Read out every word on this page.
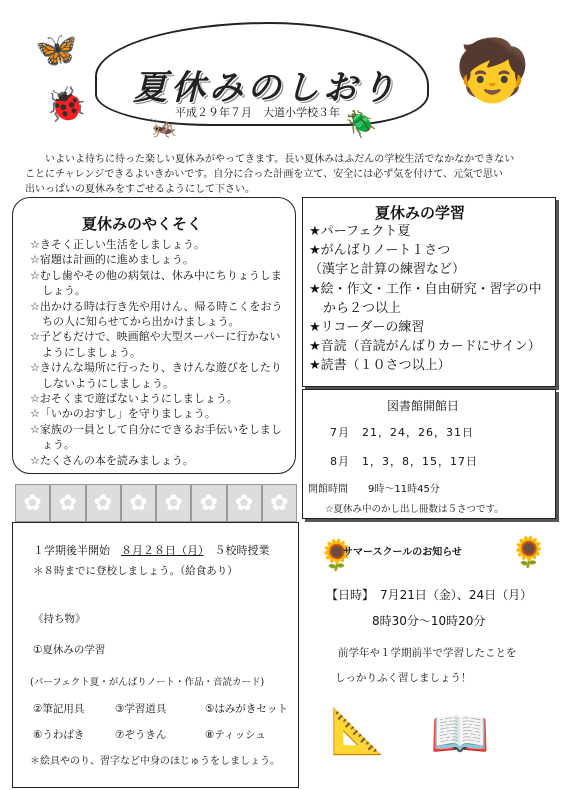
夏休みのしおり
平成２９年７月　大道小学校３年
🦋
🐞
🦗	🪲
🧒

いよいよ待ちに待った楽しい夏休みがやってきます。長い夏休みはふだんの学校生活でなかなかできない

ことにチャレンジできるよいきかいです。自分に合った計画を立て、安全には必ず気を付けて、元気で思い
出いっぱいの夏休みをすごせるようにして下さい。
夏休みのやくそく
☆きそく正しい生活をしましょう。
☆宿題は計画的に進めましょう。
☆むし歯やその他の病気は、休み中にちりょうしましょう。
☆出かける時は行き先や用けん、帰る時こくをおうちの人に知らせてから出かけましょう。
☆子どもだけで、映画館や大型スーパーに行かないようにしましょう。
☆きけんな場所に行ったり、きけんな遊びをしたりしないようにしましょう。
☆おそくまで遊ばないようにしましょう。
☆「いかのおすし」を守りましょう。
☆家族の一員として自分にできるお手伝いをしましょう。
☆たくさんの本を読みましょう。
夏休みの学習
★パーフェクト夏
★がんばりノート１さつ
（漢字と計算の練習など）
★絵・作文・工作・自由研究・習字の中から２つ以上
★リコーダーの練習
★音読（音読がんばりカードにサイン）
★読書（１０さつ以上）
図書館開館日
7月　21，24，26，31日
8月　1，3，8，15，17日
開館時間　　9時～11時45分
☆夏休み中のかし出し冊数は５さつです。
✿ ✿ ✿ ✿ ✿ ✿ ✿ ✿
１学期後半開始　８月２８日（月）　 ５校時授業
＊８時までに登校しましょう。（給食あり）
《持ち物》
①夏休みの学習
(パーフェクト夏・がんばりノート・作品・音読カード)
②筆記用具	③学習道具	⑤はみがきセット
⑥うわばき	⑦ぞうきん	⑧ティッシュ
＊絵具やのり、習字など中身のほじゅうをしましょう。
🌻	🌻
サマースクールのお知らせ
【日時】　7月21日（金）、24日（月）
8時30分～10時20分
前学年や１学期前半で学習したことを
しっかりふく習しましょう！
📐 📖
